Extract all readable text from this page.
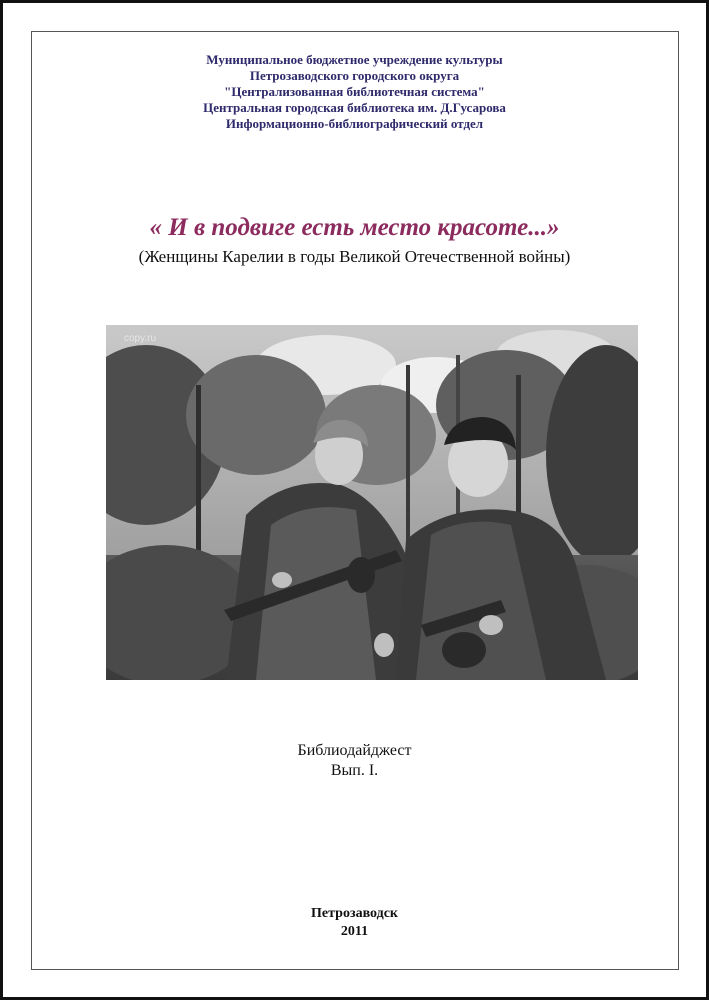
Муниципальное бюджетное учреждение культуры
Петрозаводского городского округа
"Централизованная библиотечная система"
Центральная городская библиотека им. Д.Гусарова
Информационно-библиографический отдел
« И в подвиге есть место красоте...»
(Женщины Карелии в годы Великой Отечественной войны)
copy.ru
Библиодайджест
Вып. I.
Петрозаводск
2011
